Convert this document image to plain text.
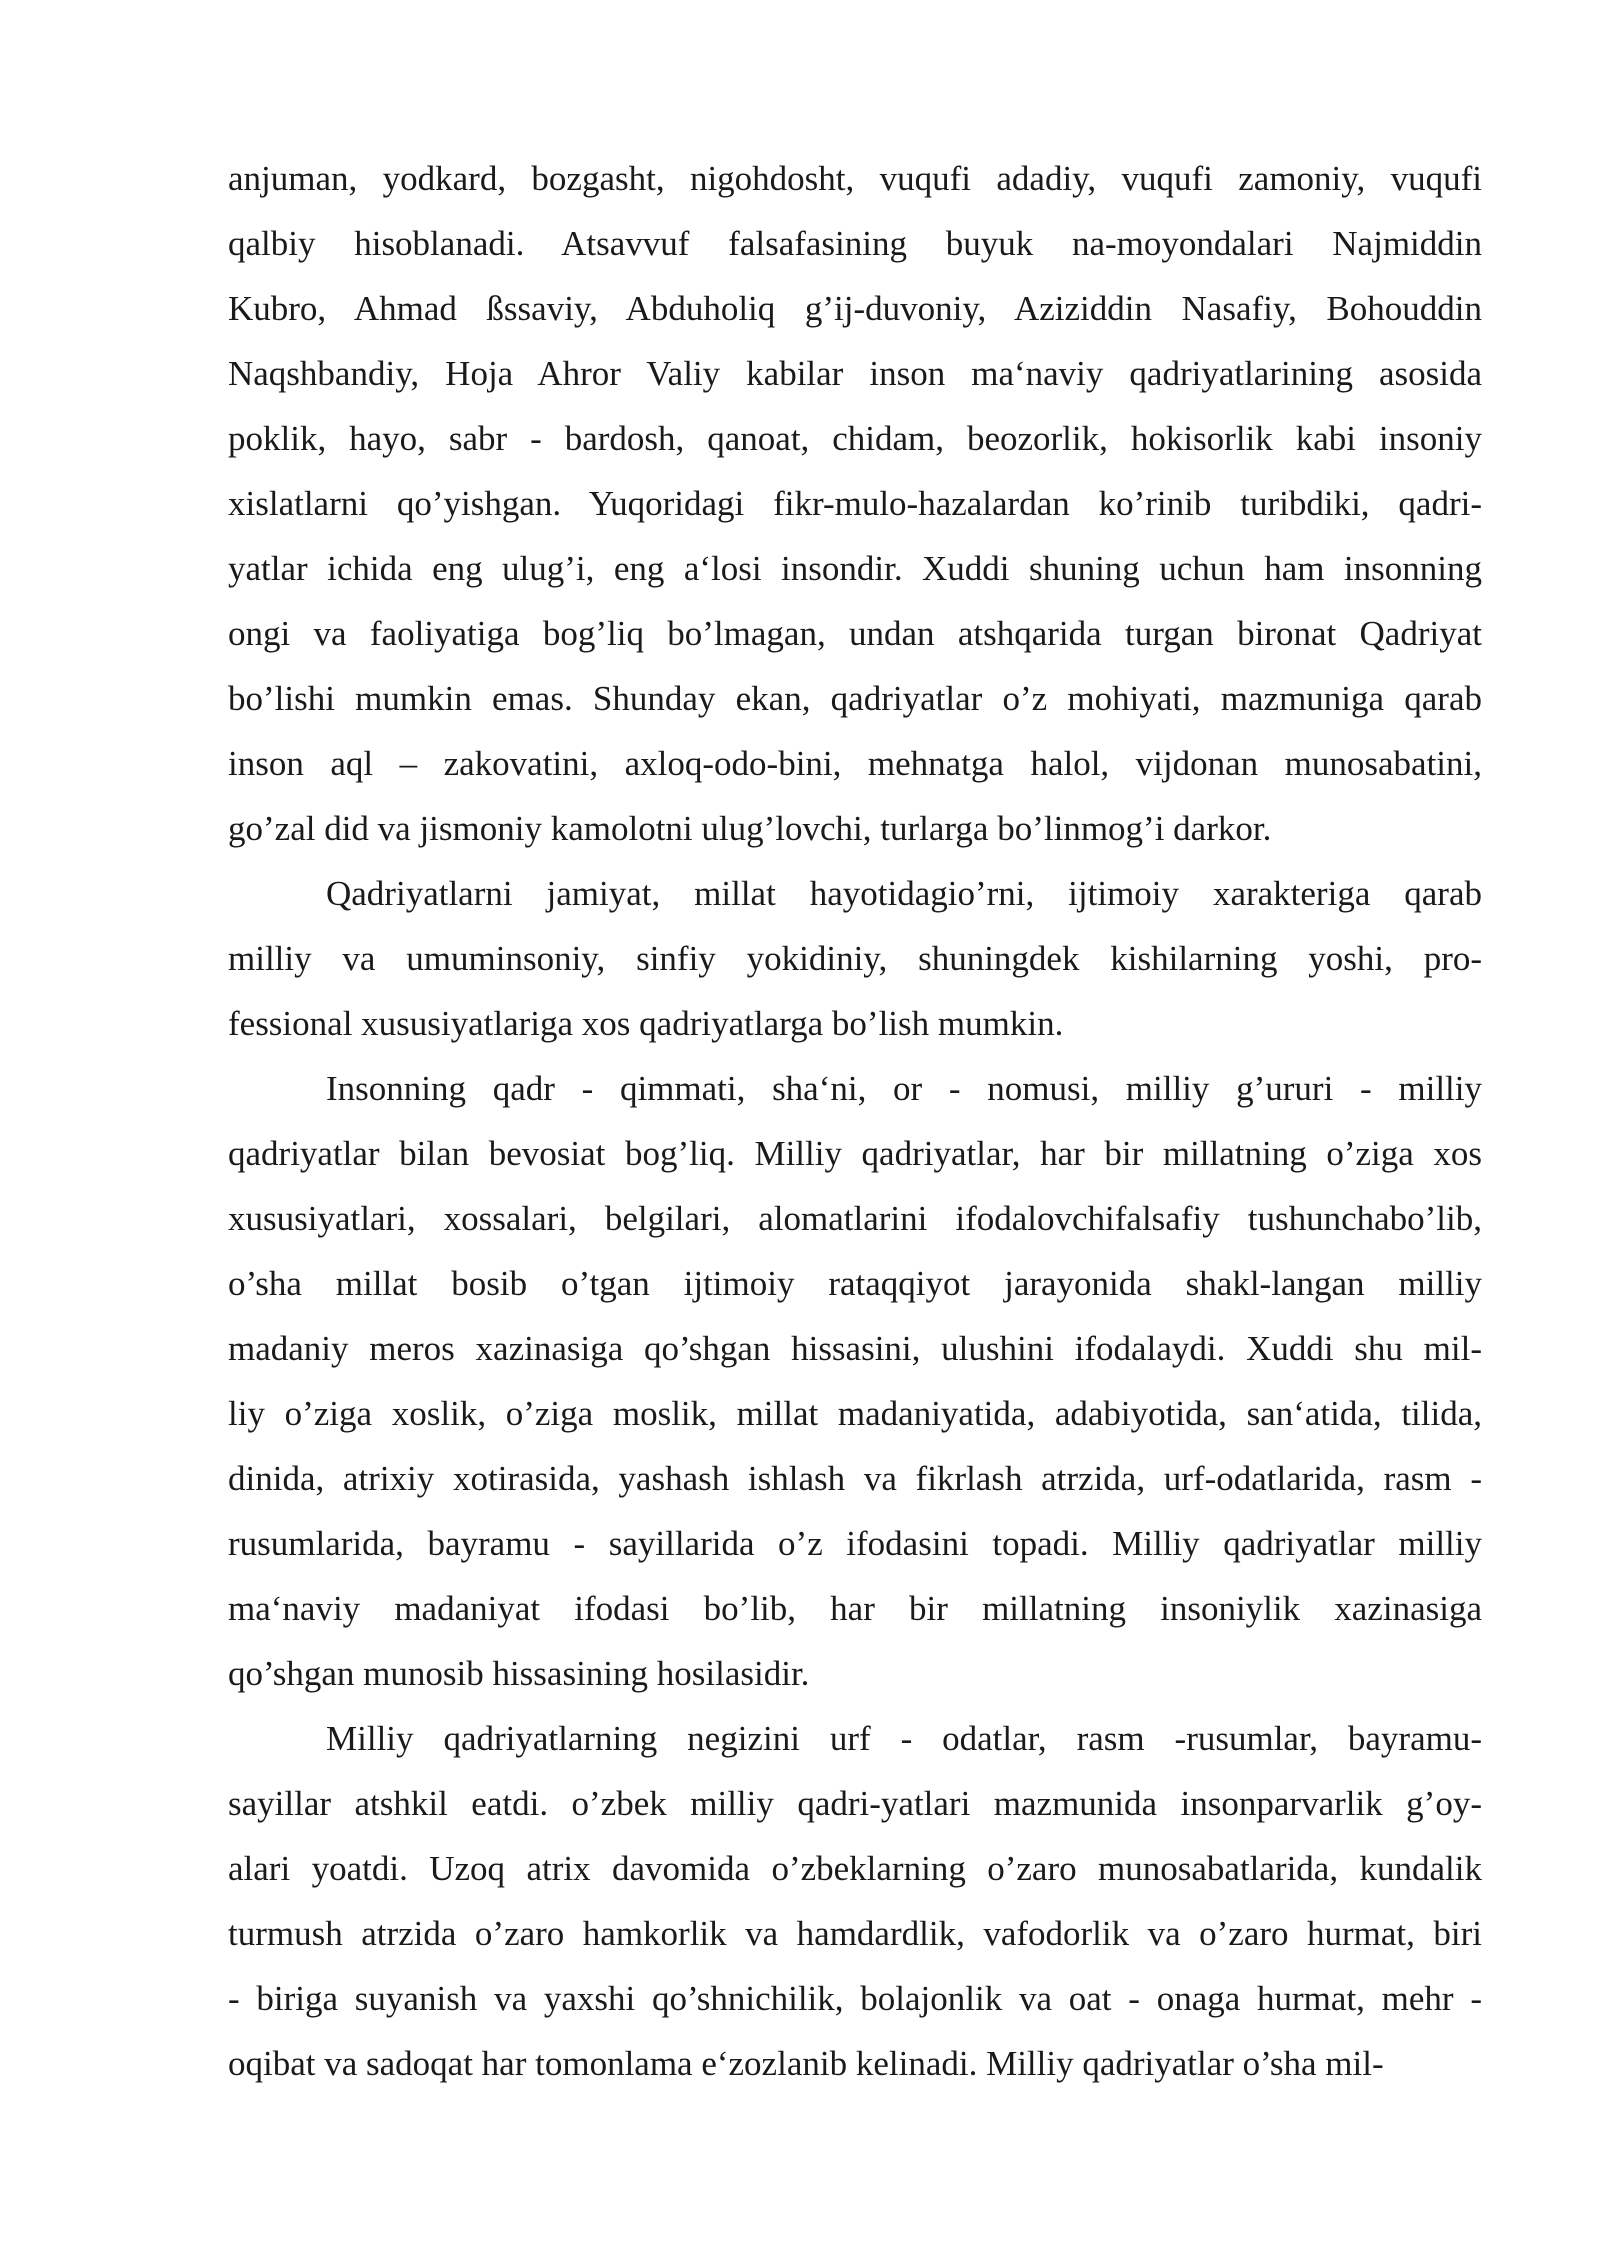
anjuman, yodkard, bozgasht, nigohdosht, vuqufi adadiy, vuqufi zamoniy, vuqufi
qalbiy hisoblanadi. Atsavvuf falsafasining buyuk na-moyondalari Najmiddin
Kubro, Ahmad ßssaviy, Abduholiq g’ij-duvoniy, Aziziddin Nasafiy, Bohouddin
Naqshbandiy, Hoja Ahror Valiy kabilar inson ma‘naviy qadriyatlarining asosida
poklik, hayo, sabr - bardosh, qanoat, chidam, beozorlik, hokisorlik kabi insoniy
xislatlarni qo’yishgan. Yuqoridagi fikr-mulo-hazalardan ko’rinib turibdiki, qadri-
yatlar ichida eng ulug’i, eng a‘losi insondir. Xuddi shuning uchun ham insonning
ongi va faoliyatiga bog’liq bo’lmagan, undan atshqarida turgan bironat Qadriyat
bo’lishi mumkin emas. Shunday ekan, qadriyatlar o’z mohiyati, mazmuniga qarab
inson aql – zakovatini, axloq-odo-bini, mehnatga halol, vijdonan munosabatini,
go’zal did va jismoniy kamolotni ulug’lovchi, turlarga bo’linmog’i darkor.
Qadriyatlarni jamiyat, millat hayotidagio’rni, ijtimoiy xarakteriga qarab
milliy va umuminsoniy, sinfiy yokidiniy, shuningdek kishilarning yoshi, pro-
fessional xususiyatlariga xos qadriyatlarga bo’lish mumkin.
Insonning qadr - qimmati, sha‘ni, or - nomusi, milliy g’ururi - milliy
qadriyatlar bilan bevosiat bog’liq. Milliy qadriyatlar, har bir millatning o’ziga xos
xususiyatlari, xossalari, belgilari, alomatlarini ifodalovchifalsafiy tushunchabo’lib,
o’sha millat bosib o’tgan ijtimoiy rataqqiyot jarayonida shakl-langan milliy
madaniy meros xazinasiga qo’shgan hissasini, ulushini ifodalaydi. Xuddi shu mil-
liy o’ziga xoslik, o’ziga moslik, millat madaniyatida, adabiyotida, san‘atida, tilida,
dinida, atrixiy xotirasida, yashash ishlash va fikrlash atrzida, urf-odatlarida, rasm -
rusumlarida, bayramu - sayillarida o’z ifodasini topadi. Milliy qadriyatlar milliy
ma‘naviy madaniyat ifodasi bo’lib, har bir millatning insoniylik xazinasiga
qo’shgan munosib hissasining hosilasidir.
Milliy qadriyatlarning negizini urf - odatlar, rasm -rusumlar, bayramu-
sayillar atshkil eatdi. o’zbek milliy qadri-yatlari mazmunida insonparvarlik g’oy-
alari yoatdi. Uzoq atrix davomida o’zbeklarning o’zaro munosabatlarida, kundalik
turmush atrzida o’zaro hamkorlik va hamdardlik, vafodorlik va o’zaro hurmat, biri
- biriga suyanish va yaxshi qo’shnichilik, bolajonlik va oat - onaga hurmat, mehr -
oqibat va sadoqat har tomonlama e‘zozlanib kelinadi. Milliy qadriyatlar o’sha mil-
